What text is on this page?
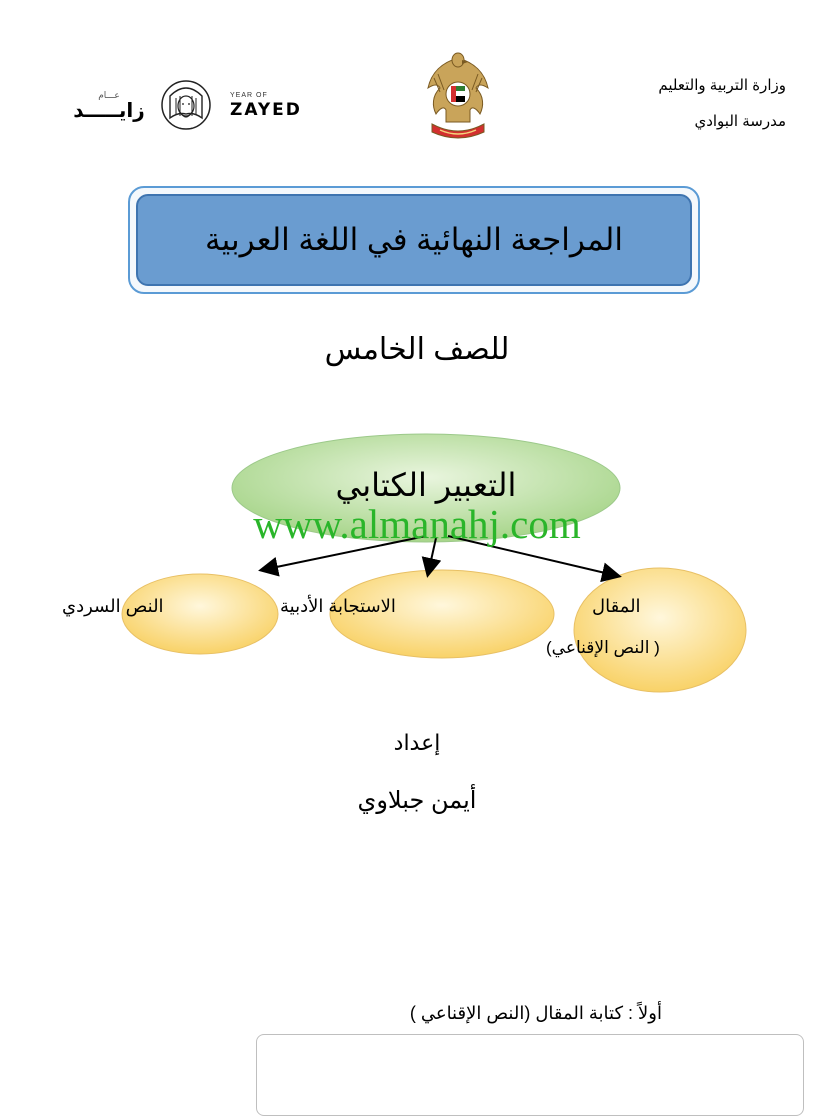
وزارة التربية والتعليم
مدرسة البوادي
عـــام
زايـــــد
YEAR OF
ZAYED
المراجعة النهائية في اللغة العربية
للصف الخامس
التعبير الكتابي
www.almanahj.com
النص السردي	الاستجابة الأدبية	المقال
( النص الإقناعي)
إعداد
أيمن جبلاوي
أولاً : كتابة المقال (النص الإقناعي )
